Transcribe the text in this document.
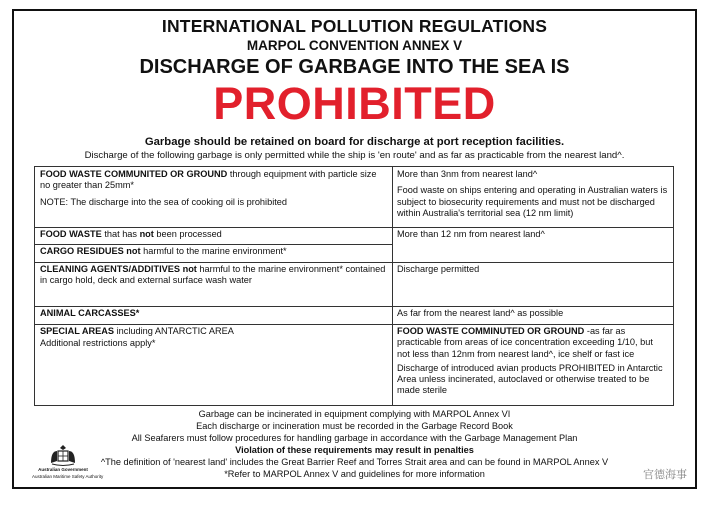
INTERNATIONAL POLLUTION REGULATIONS
MARPOL CONVENTION ANNEX V
DISCHARGE OF GARBAGE INTO THE SEA IS
PROHIBITED
Garbage should be retained on board for discharge at port reception facilities.
Discharge of the following garbage is only permitted while the ship is 'en route' and as far as practicable from the nearest land^.

FOOD WASTE COMMUNITED OR GROUND through equipment with particle size no greater than 25mm*

NOTE: The discharge into the sea of cooking oil is prohibited

More than 3nm from nearest land^

Food waste on ships entering and operating in Australian waters is subject to biosecurity requirements and must not be discharged within Australia's territorial sea (12 nm limit)

FOOD WASTE that has not been processed

CARGO RESIDUES not harmful to the marine environment*

More than 12 nm from nearest land^

CLEANING AGENTS/ADDITIVES not harmful to the marine environment* contained in cargo hold, deck and external surface wash water

Discharge permitted

ANIMAL CARCASSES*	As far from the nearest land^ as possible

SPECIAL AREAS including ANTARCTIC AREA

Additional restrictions apply*

FOOD WASTE COMMINUTED OR GROUND -as far as practicable from areas of ice concentration exceeding 1/10, but not less than 12nm from nearest land^, ice shelf or fast ice

Discharge of introduced avian products PROHIBITED in Antarctic Area unless incinerated, autoclaved or otherwise treated to be made sterile

Garbage can be incinerated in equipment complying with MARPOL Annex VI
Each discharge or incineration must be recorded in the Garbage Record Book
All Seafarers must follow procedures for handling garbage in accordance with the Garbage Management Plan
Violation of these requirements may result in penalties
^The definition of 'nearest land' includes the Great Barrier Reef and Torres Strait area and can be found in MARPOL Annex V
*Refer to MARPOL Annex V and guidelines for more information
Australian Government
Australian Maritime Safety Authority	官德海事
